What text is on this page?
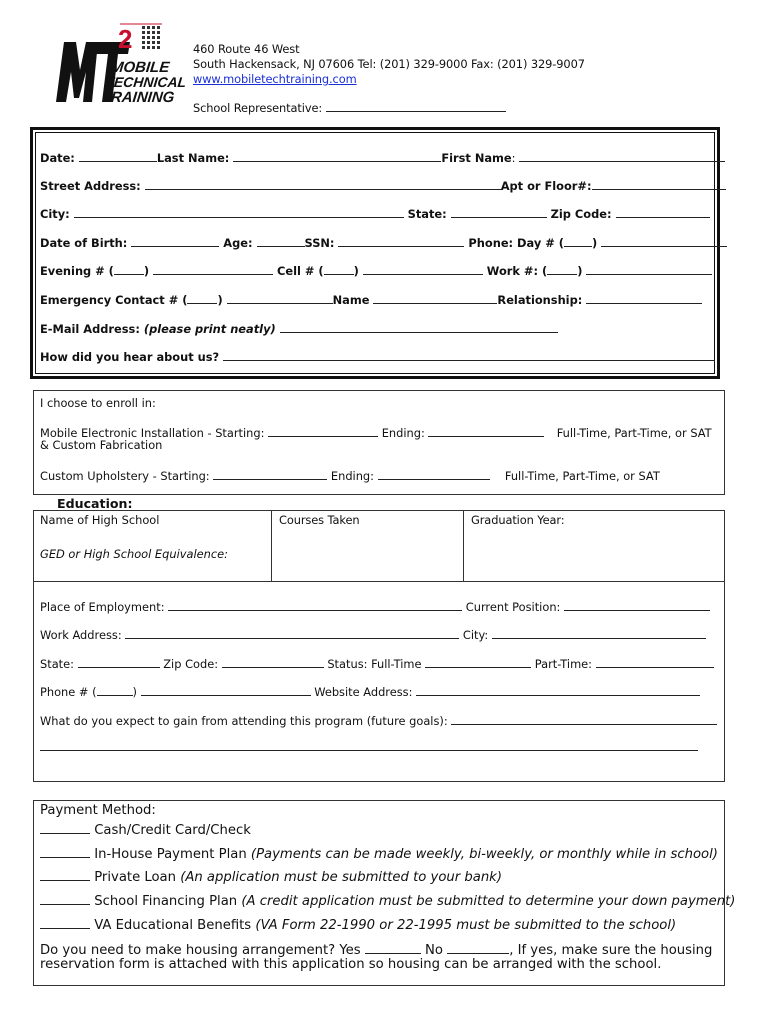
2
MOBILE
TECHNICAL
TRAINING
460 Route 46 West
South Hackensack, NJ 07606 Tel: (201) 329-9000 Fax: (201) 329-9007
www.mobiletechtraining.com
School Representative:
Date:	Last Name:	First Name:
Street Address:	Apt or Floor#:
City:	State:	Zip Code:
Date of Birth:	Age:	SSN:	Phone: Day # ( )
Evening # (	)	Cell # (	)	Work #: (	)
Emergency Contact # (	)	Name	Relationship:
E-Mail Address: (please print neatly)
How did you hear about us?
I choose to enroll in:
Mobile Electronic Installation - Starting:	Ending:	Full-Time, Part-Time, or SAT
& Custom Fabrication
Custom Upholstery - Starting:	Ending:	Full-Time, Part-Time, or SAT
Education:
Name of High School	Courses Taken	Graduation Year:
GED or High School Equivalence:
Place of Employment:	Current Position:
Work Address:	City:
State:	Zip Code:	Status: Full-Time	Part-Time:
Phone # (	)	Website Address:
What do you expect to gain from attending this program (future goals):
Payment Method:
Cash/Credit Card/Check
In-House Payment Plan (Payments can be made weekly, bi-weekly, or monthly while in school)
Private Loan (An application must be submitted to your bank)
School Financing Plan (A credit application must be submitted to determine your down payment)
VA Educational Benefits (VA Form 22-1990 or 22-1995 must be submitted to the school)
Do you need to make housing arrangement? Yes	No	, If yes, make sure the housing
reservation form is attached with this application so housing can be arranged with the school.
